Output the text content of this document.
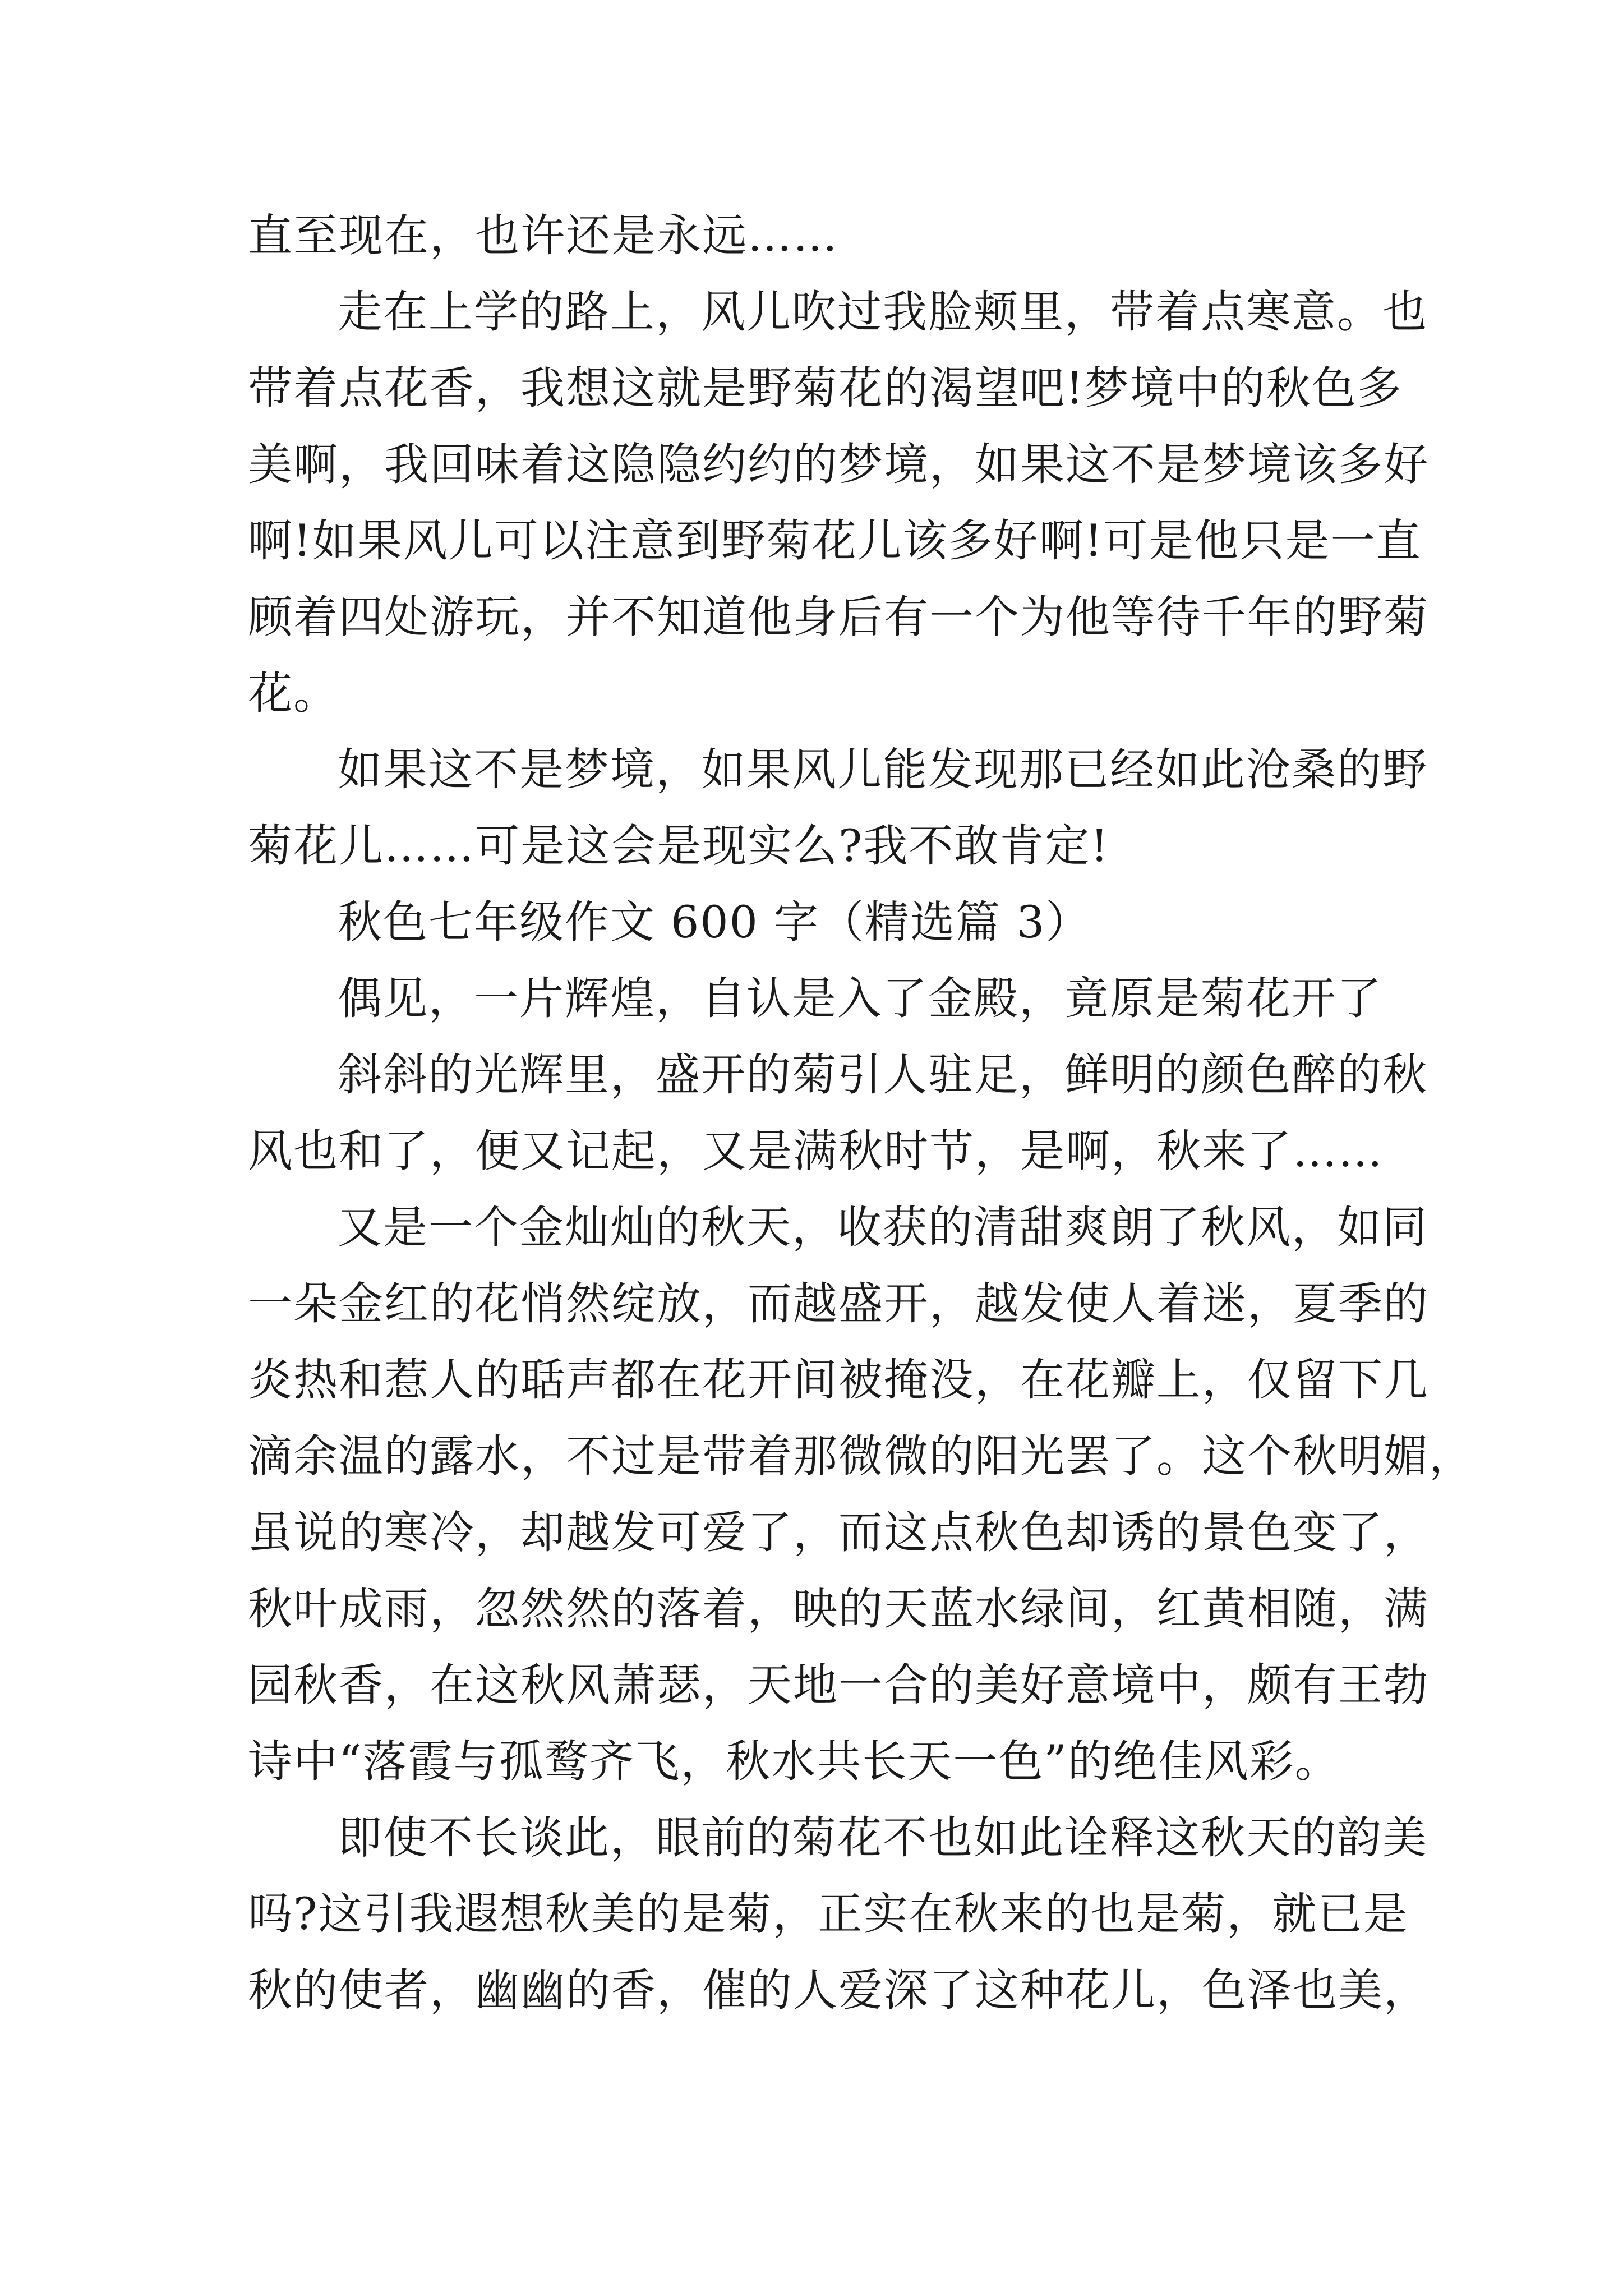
直至现在，也许还是永远……
走在上学的路上，风儿吹过我脸颊里，带着点寒意。也
带着点花香，我想这就是野菊花的渴望吧!梦境中的秋色多
美啊，我回味着这隐隐约约的梦境，如果这不是梦境该多好
啊!如果风儿可以注意到野菊花儿该多好啊!可是他只是一直
顾着四处游玩，并不知道他身后有一个为他等待千年的野菊
花。
如果这不是梦境，如果风儿能发现那已经如此沧桑的野
菊花儿……可是这会是现实么?我不敢肯定!
秋色七年级作文 600 字（精选篇 3）
偶见，一片辉煌，自认是入了金殿，竟原是菊花开了
斜斜的光辉里，盛开的菊引人驻足，鲜明的颜色醉的秋
风也和了，便又记起，又是满秋时节，是啊，秋来了……
又是一个金灿灿的秋天，收获的清甜爽朗了秋风，如同
一朵金红的花悄然绽放，而越盛开，越发使人着迷，夏季的
炎热和惹人的聒声都在花开间被掩没，在花瓣上，仅留下几
滴余温的露水，不过是带着那微微的阳光罢了。这个秋明媚，
虽说的寒冷，却越发可爱了，而这点秋色却诱的景色变了，
秋叶成雨，忽然然的落着，映的天蓝水绿间，红黄相随，满
园秋香，在这秋风萧瑟，天地一合的美好意境中，颇有王勃
诗中“落霞与孤鹜齐飞，秋水共长天一色”的绝佳风彩。
即使不长谈此，眼前的菊花不也如此诠释这秋天的韵美
吗?这引我遐想秋美的是菊，正实在秋来的也是菊，就已是
秋的使者，幽幽的香，催的人爱深了这种花儿，色泽也美，
